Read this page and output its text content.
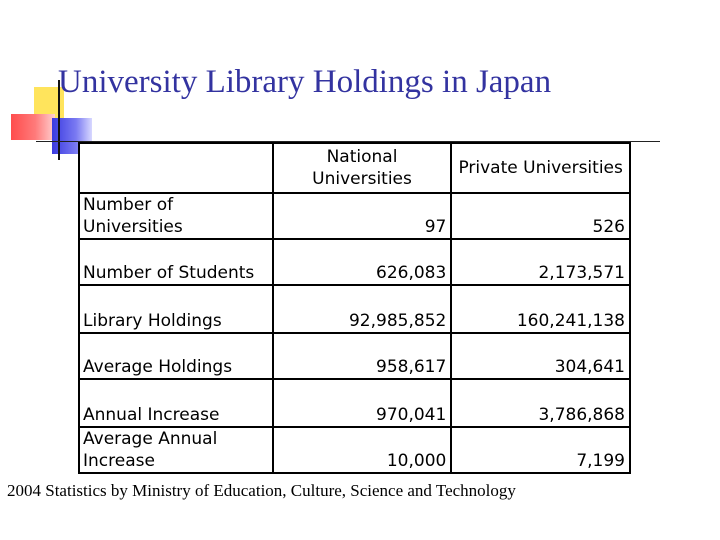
University Library Holdings in Japan
	National Universities	Private Universities
Number of Universities	97	526
Number of Students	626,083	2,173,571
Library Holdings	92,985,852	160,241,138
Average Holdings	958,617	304,641
Annual Increase	970,041	3,786,868
Average Annual Increase	10,000	7,199

2004 Statistics by Ministry of Education, Culture, Science and Technology
